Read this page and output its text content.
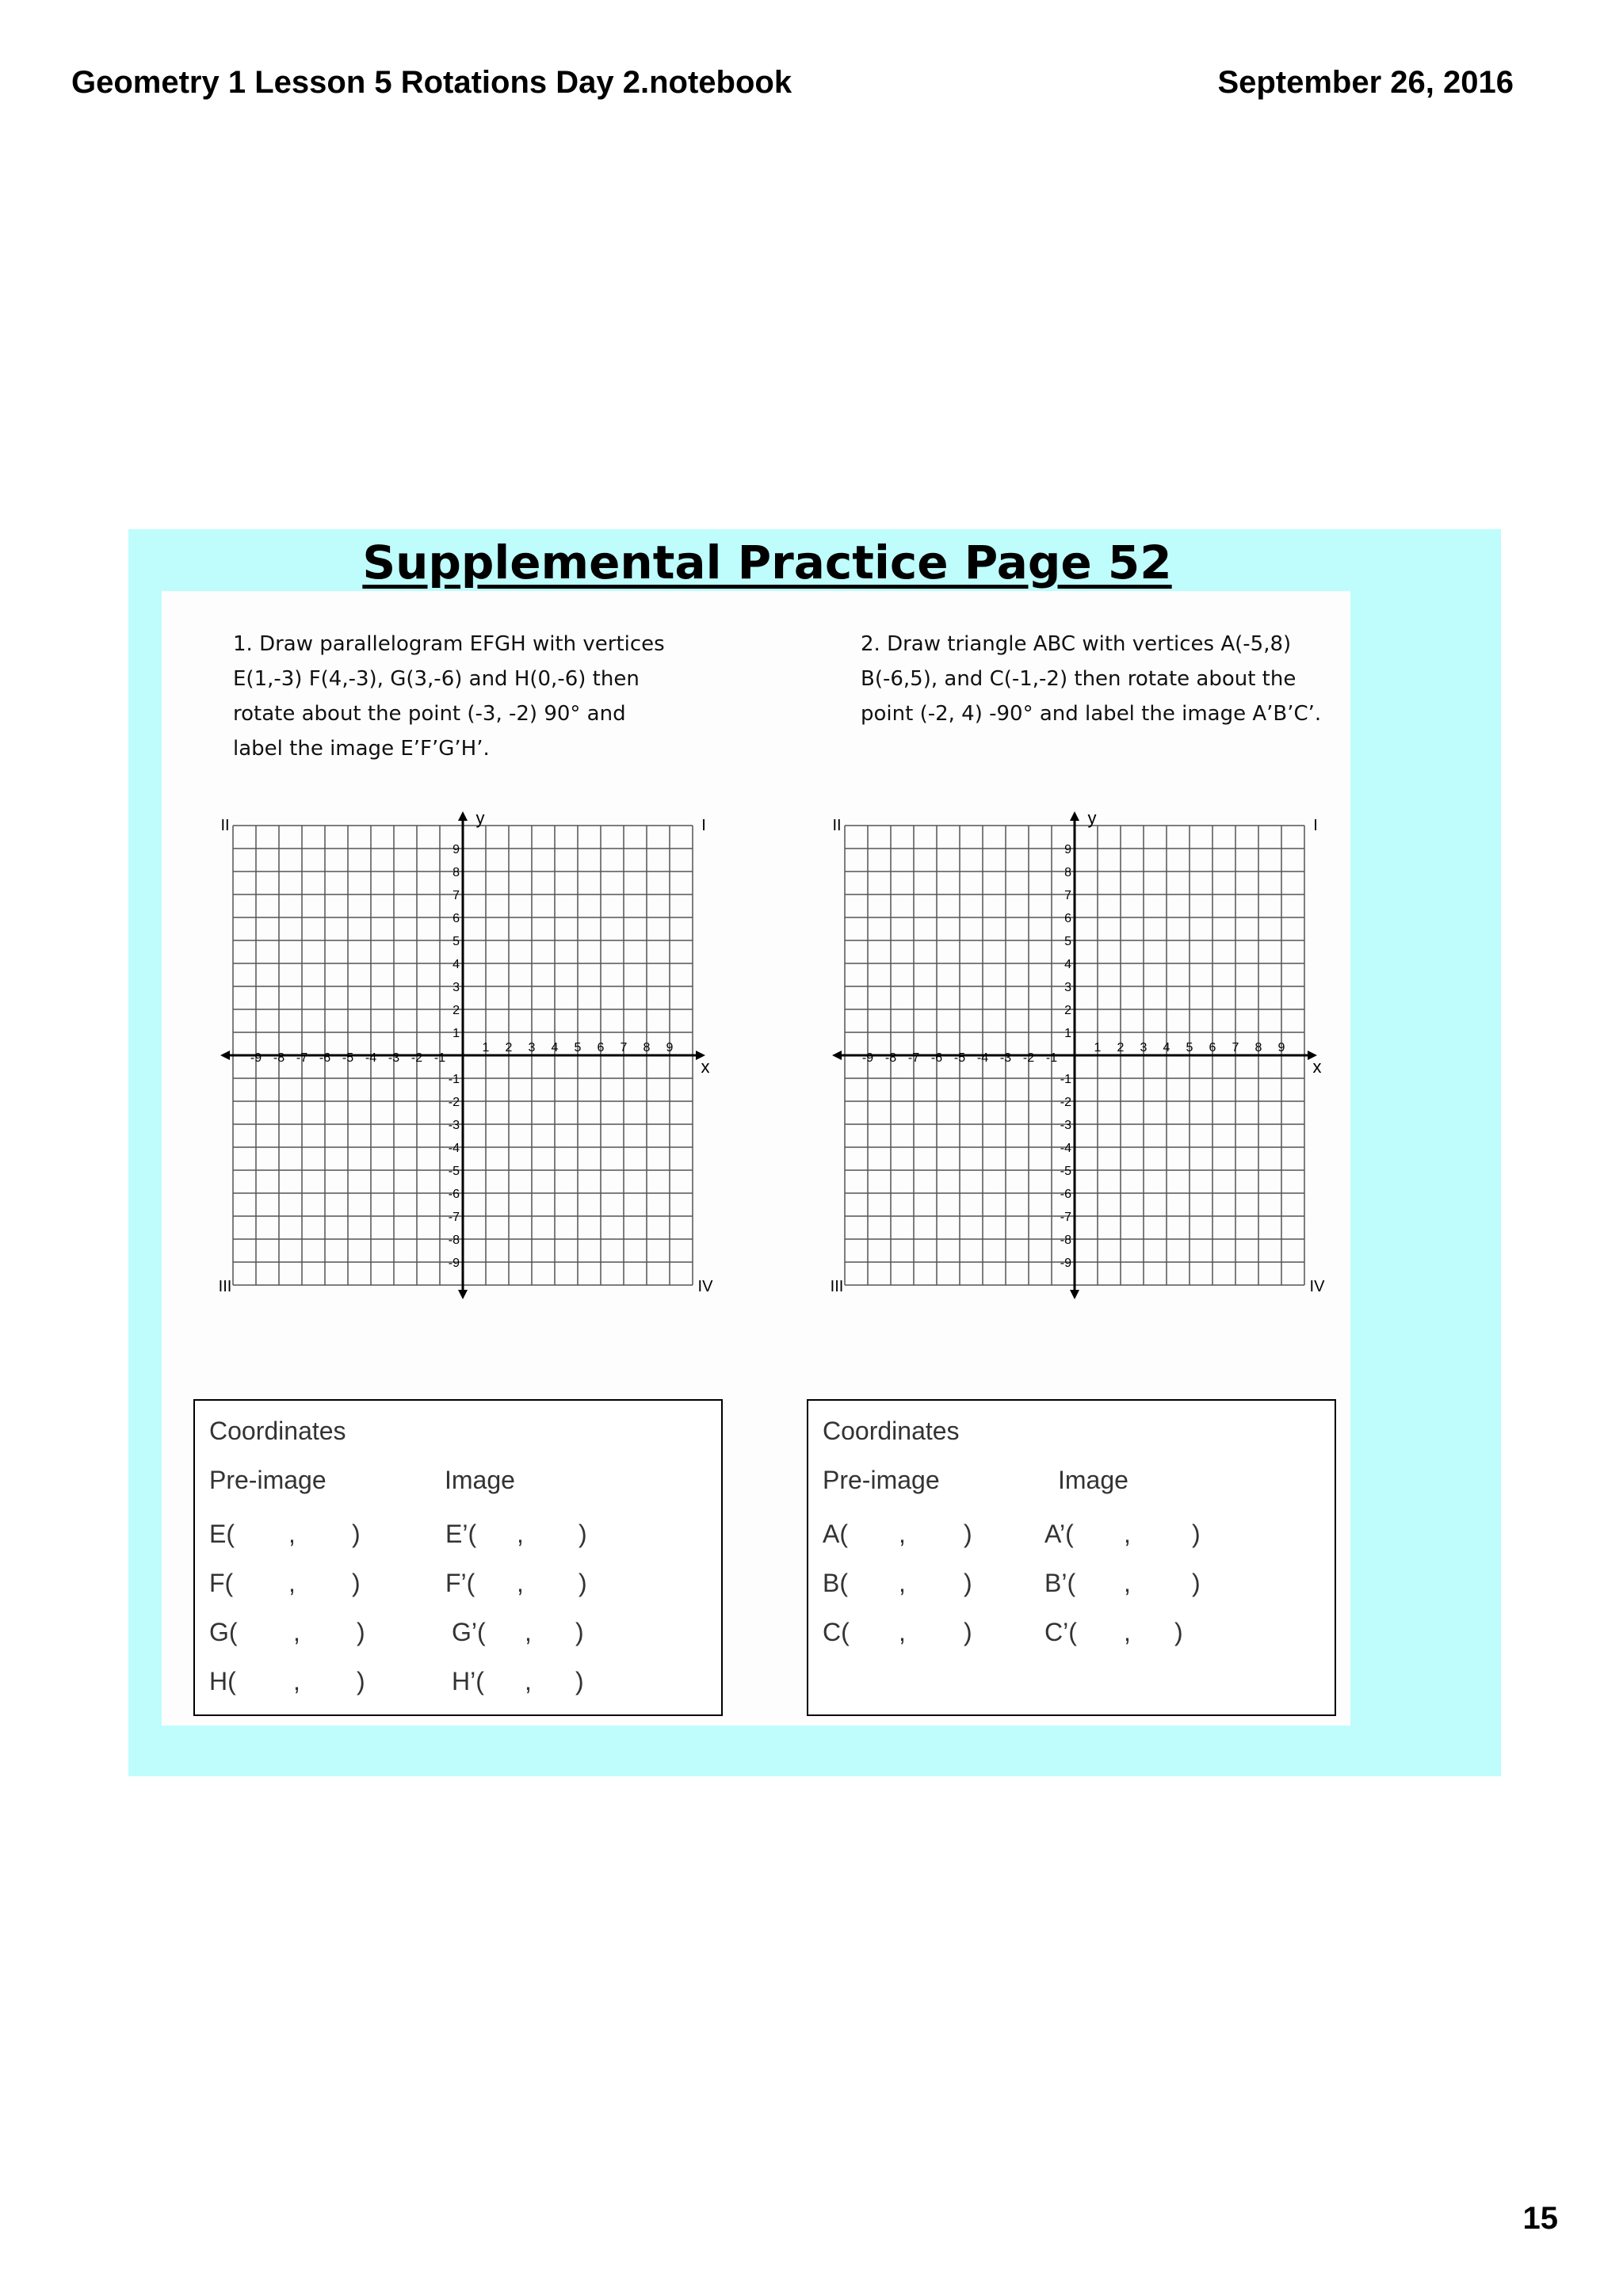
Geometry 1 Lesson 5 Rotations Day 2.notebook	September 26, 2016
Supplemental Practice Page 52
1. Draw parallelogram EFGH with vertices
E(1,-3) F(4,-3), G(3,-6) and H(0,-6) then
rotate about the point (-3, -2) 90° and
label the image E’F’G’H’.
2. Draw triangle ABC with vertices A(-5,8)
B(-6,5), and C(-1,-2) then rotate about the
point (-2, 4) -90° and label the image A’B’C’.
x
y
II	I
III	IV
-9 -8 -7 -6 -5 -4 -3 -2 -1
1 2 3 4 5 6 7 8 9
9
8
7
6
5
4
3
2
1
-1
-2
-3
-4
-5
-6
-7
-8
-9
x
y
II	I
III	IV
-9 -8 -7 -6 -5 -4 -3 -2 -1
1 2 3 4 5 6 7 8 9
9
8
7
6
5
4
3
2
1
-1
-2
-3
-4
-5
-6
-7
-8
-9
Coordinates
Pre-image	Image
E( , )	E’( , )
F( , )	F’( , )
G( , )	G’( , )
H( , )	H’( , )
Coordinates
Pre-image	Image
A( , )	A’( , )
B( , )	B’( , )
C( , )	C’( , )
15
